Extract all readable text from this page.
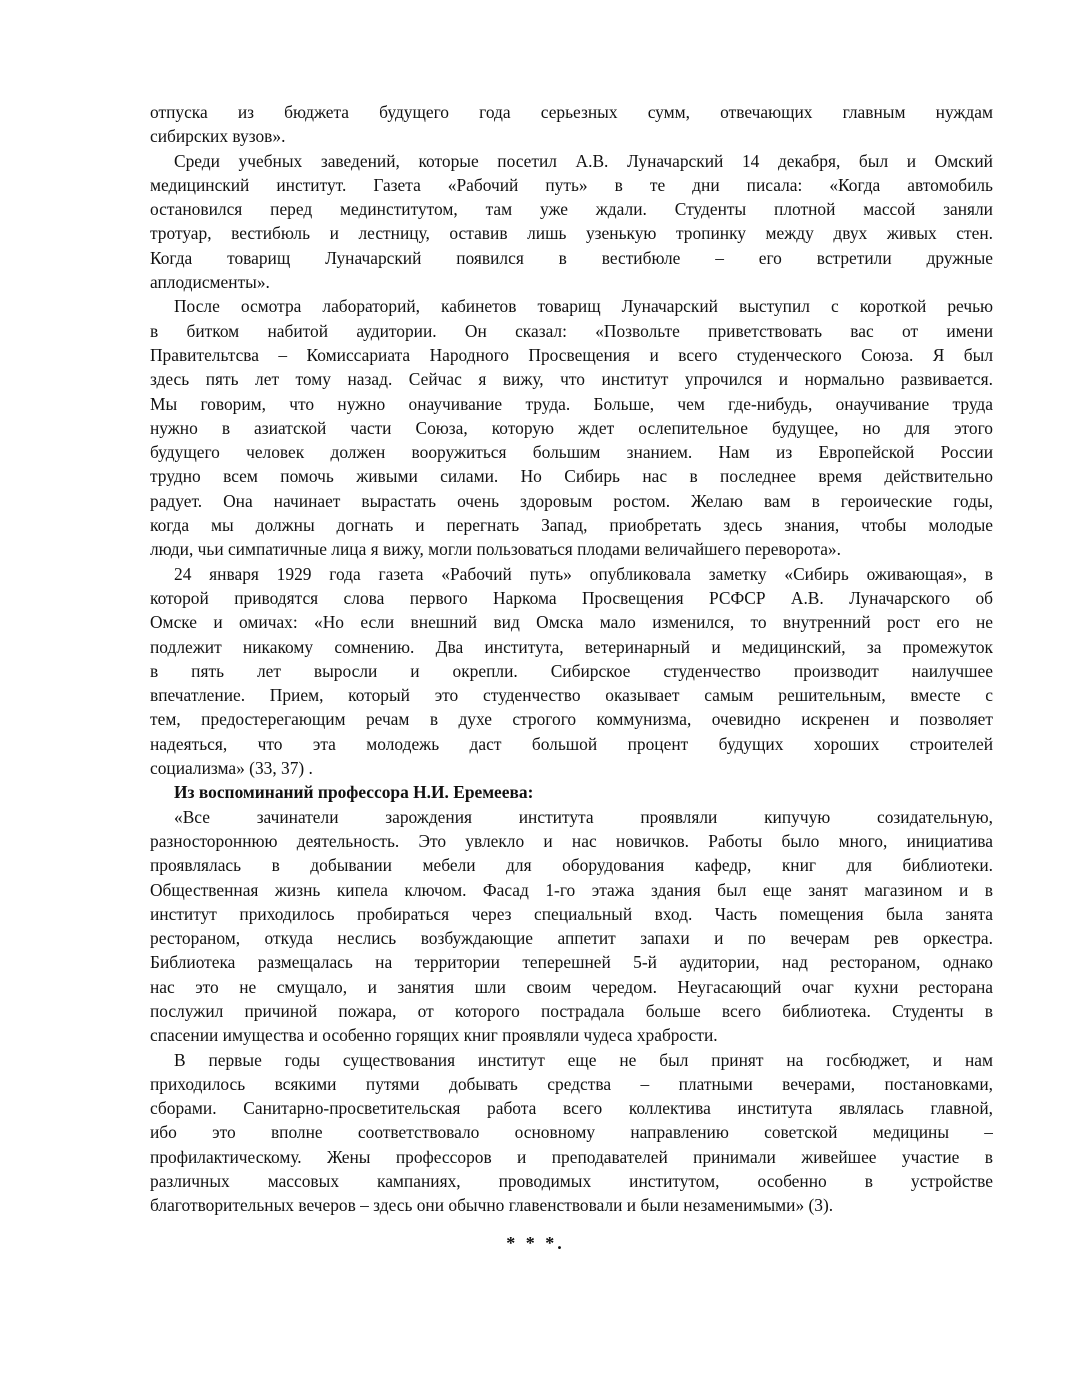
отпуска из бюджета будущего года серьезных сумм, отвечающих главным нуждам
сибирских вузов».
Среди учебных заведений, которые посетил А.В. Луначарский 14 декабря, был и Омский
медицинский институт. Газета «Рабочий путь» в те дни писала: «Когда автомобиль
остановился перед мединститутом, там уже ждали. Студенты плотной массой заняли
тротуар, вестибюль и лестницу, оставив лишь узенькую тропинку между двух живых стен.
Когда товарищ Луначарский появился в вестибюле – его встретили дружные
аплодисменты».
После осмотра лабораторий, кабинетов товарищ Луначарский выступил с короткой речью
в битком набитой аудитории. Он сказал: «Позвольте приветствовать вас от имени
Правительтсва – Комиссариата Народного Просвещения и всего студенческого Союза. Я был
здесь пять лет тому назад. Сейчас я вижу, что институт упрочился и нормально развивается.
Мы говорим, что нужно онаучивание труда. Больше, чем где-нибудь, онаучивание труда
нужно в азиатской части Союза, которую ждет ослепительное будущее, но для этого
будущего человек должен вооружиться большим знанием. Нам из Европейской России
трудно всем помочь живыми силами. Но Сибирь нас в последнее время действительно
радует. Она начинает вырастать очень здоровым ростом. Желаю вам в героические годы,
когда мы должны догнать и перегнать Запад, приобретать здесь знания, чтобы молодые
люди, чьи симпатичные лица я вижу, могли пользоваться плодами величайшего переворота».
24 января 1929 года газета «Рабочий путь» опубликовала заметку «Сибирь оживающая», в
которой приводятся слова первого Наркома Просвещения РСФСР А.В. Луначарского об
Омске и омичах: «Но если внешний вид Омска мало изменился, то внутренний рост его не
подлежит никакому сомнению. Два института, ветеринарный и медицинский, за промежуток
в пять лет выросли и окрепли. Сибирское студенчество производит наилучшее
впечатление. Прием, который это студенчество оказывает самым решительным, вместе с
тем, предостерегающим речам в духе строгого коммунизма, очевидно искренен и позволяет
надеяться, что эта молодежь даст большой процент будущих хороших строителей
социализма» (33, 37) .
Из воспоминаний профессора Н.И. Еремеева:
«Все зачинатели зарождения института проявляли кипучую созидательную,
разностороннюю деятельность. Это увлекло и нас новичков. Работы было много, инициатива
проявлялась в добывании мебели для оборудования кафедр, книг для библиотеки.
Общественная жизнь кипела ключом. Фасад 1-го этажа здания был еще занят магазином и в
институт приходилось пробираться через специальный вход. Часть помещения была занята
рестораном, откуда неслись возбуждающие аппетит запахи и по вечерам рев оркестра.
Библиотека размещалась на территории теперешней 5-й аудитории, над рестораном, однако
нас это не смущало, и занятия шли своим чередом. Неугасающий очаг кухни ресторана
послужил причиной пожара, от которого пострадала больше всего библиотека. Студенты в
спасении имущества и особенно горящих книг проявляли чудеса храбрости.
В первые годы существования институт еще не был принят на госбюджет, и нам
приходилось всякими путями добывать средства – платными вечерами, постановками,
сборами. Санитарно-просветительская работа всего коллектива института являлась главной,
ибо это вполне соответствовало основному направлению советской медицины –
профилактическому. Жены профессоров и преподавателей принимали живейшее участие в
различных массовых кампаниях, проводимых институтом, особенно в устройстве
благотворительных вечеров – здесь они обычно главенствовали и были незаменимыми» (3).
* * *.
